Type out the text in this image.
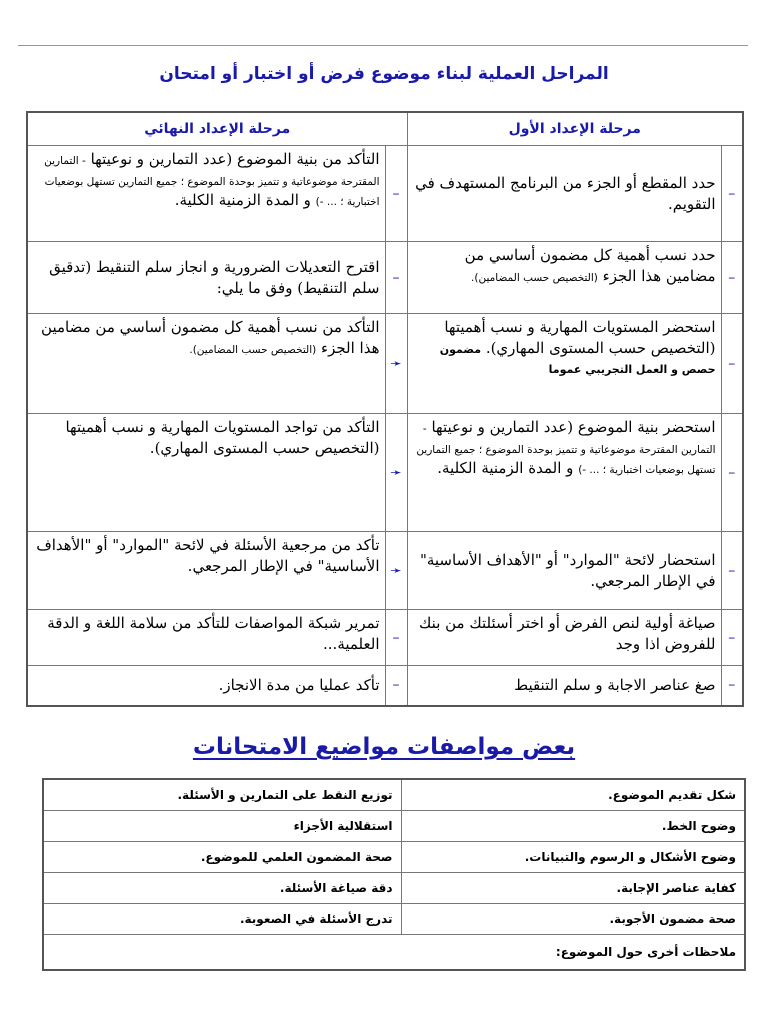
المراحل العملية لبناء موضوع فرض أو اختبار أو امتحان
مرحلة الإعداد الأول		مرحلة الإعداد النهائي	
–	حدد المقطع أو الجزء من البرنامج المستهدف في التقويم.	–	التأكد من بنية الموضوع (عدد التمارين و نوعيتها - التمارين المقترحة موضوعاتية و تتميز بوحدة الموضوع ؛ جميع التمارين تستهل بوضعيات اختبارية ؛ ... -) و المدة الزمنية الكلية.
–	حدد نسب أهمية كل مضمون أساسي من مضامين هذا الجزء (التخصيص حسب المضامين).	–	اقترح التعديلات الضرورية و انجاز سلم التنقيط (تدقيق سلم التنقيط) وفق ما يلي:
–	استحضر المستويات المهارية و نسب أهميتها (التخصيص حسب المستوى المهاري). مضمون حصص و العمل التجريبي عموما	➛	التأكد من نسب أهمية كل مضمون أساسي من مضامين هذا الجزء (التخصيص حسب المضامين).
–	استحضر بنية الموضوع (عدد التمارين و نوعيتها - التمارين المقترحة موضوعاتية و تتميز بوحدة الموضوع ؛ جميع التمارين تستهل بوضعيات اختبارية ؛ ... -) و المدة الزمنية الكلية.	➛	التأكد من تواجد المستويات المهارية و نسب أهميتها (التخصيص حسب المستوى المهاري).
–	استحضار لائحة "الموارد" أو "الأهداف الأساسية" في الإطار المرجعي.	➛	تأكد من مرجعية الأسئلة في لائحة "الموارد" أو "الأهداف الأساسية" في الإطار المرجعي.
–	صياغة أولية لنص الفرض أو اختر أسئلتك من بنك للفروض اذا وجد	–	تمرير شبكة المواصفات للتأكد من سلامة اللغة و الدقة العلمية...
–	صغ عناصر الاجابة و سلم التنقيط	–	تأكد عمليا من مدة الانجاز.
بعض مواصفات مواضيع الامتحانات
شكل تقديم الموضوع.	توزيع النقط على التمارين و الأسئلة.
وضوح الخط.	استقلالية الأجزاء
وضوح الأشكال و الرسوم والتبيانات.	صحة المضمون العلمي للموضوع.
كفاية عناصر الإجابة.	دقة صياغة الأسئلة.
صحة مضمون الأجوبة.	تدرج الأسئلة في الصعوبة.
ملاحظات أخرى حول الموضوع:	
